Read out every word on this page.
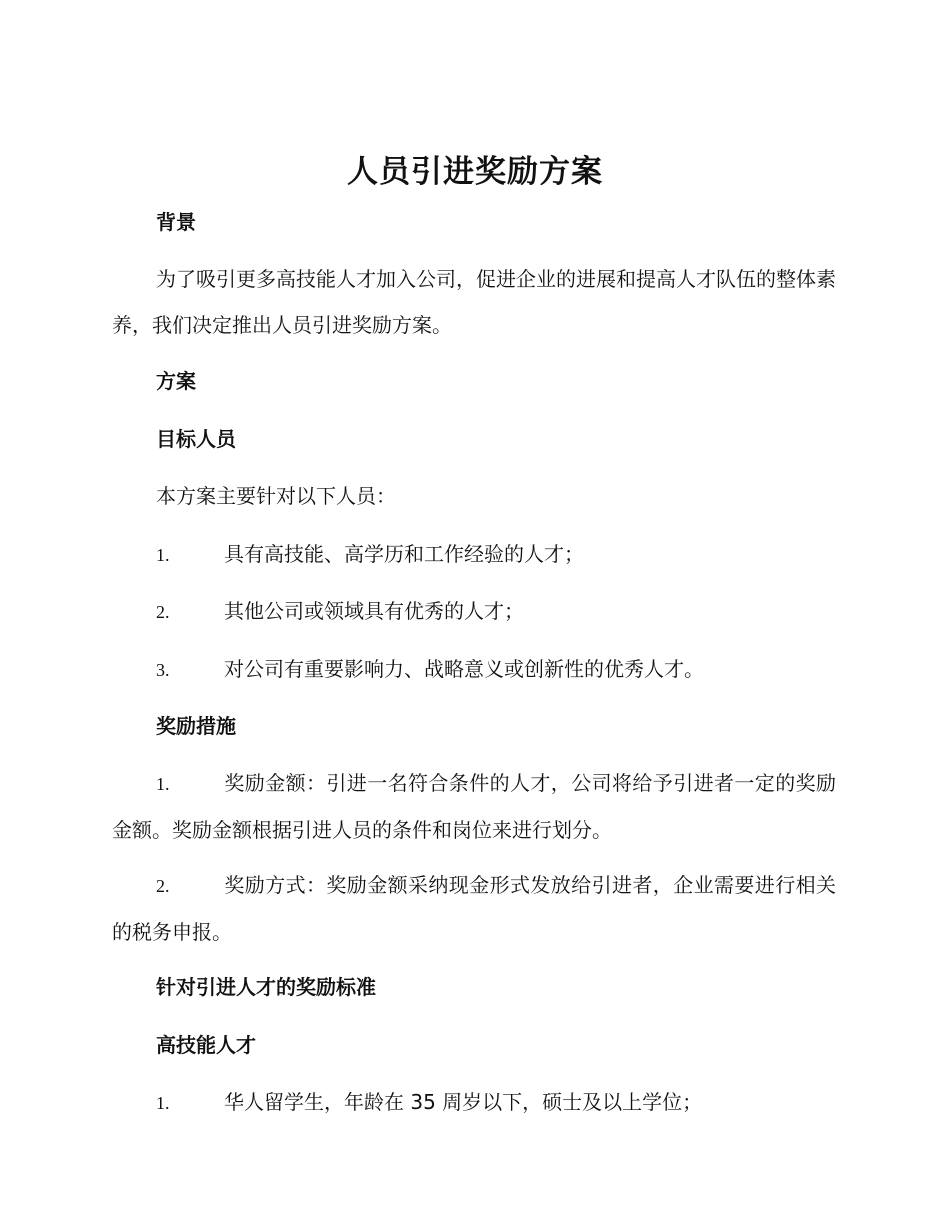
人员引进奖励方案
背景
为了吸引更多高技能人才加入公司，促进企业的进展和提高人才队伍的整体素养，我们决定推出人员引进奖励方案。
方案
目标人员
本方案主要针对以下人员：
1.	具有高技能、高学历和工作经验的人才；
2.	其他公司或领域具有优秀的人才；
3.	对公司有重要影响力、战略意义或创新性的优秀人才。
奖励措施
1.	奖励金额：引进一名符合条件的人才，公司将给予引进者一定的奖励金额。奖励金额根据引进人员的条件和岗位来进行划分。
2.	奖励方式：奖励金额采纳现金形式发放给引进者，企业需要进行相关的税务申报。
针对引进人才的奖励标准
高技能人才
1.	华人留学生，年龄在 35 周岁以下，硕士及以上学位；
